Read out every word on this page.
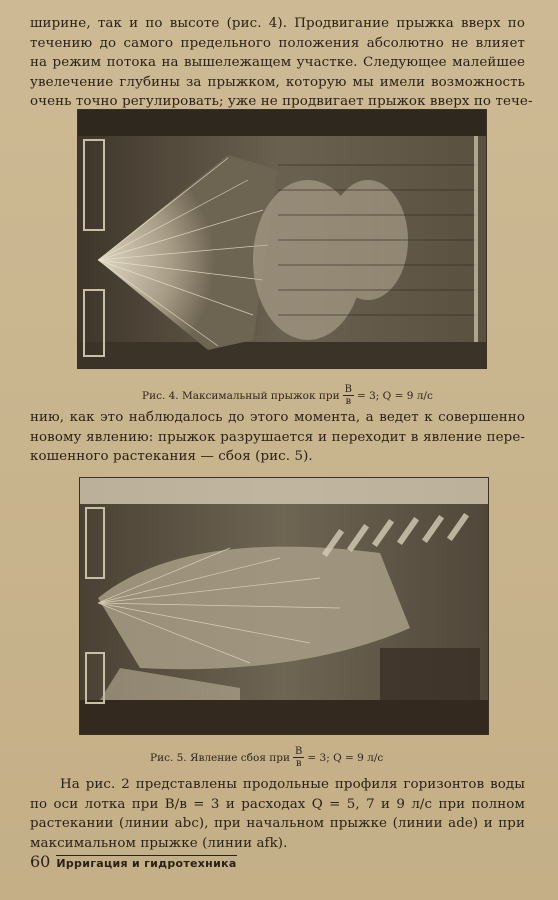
ширине, так и по высоте (рис. 4). Продвигание прыжка вверх по
течению до самого предельного положения абсолютно не влияет
на режим потока на вышележащем участке. Следующее малейшее
увелечение глубины за прыжком, которую мы имели возможность
очень точно регулировать; уже не продвигает прыжок вверх по тече-
Рис. 4. Максимальный прыжок при $\frac{B}{в} = 3$; Q = 9 л/с
нию, как это наблюдалось до этого момента, а ведет к совершенно
новому явлению: прыжок разрушается и переходит в явление пере-
кошенного растекания — сбоя (рис. 5).
Рис. 5. Явление сбоя при $\frac{B}{в} = 3$; Q = 9 л/с
На рис. 2 представлены продольные профиля горизонтов воды
по оси лотка при B/в = 3 и расходах Q = 5, 7 и 9 л/с при полном
растекании (линии abc), при начальном прыжке (линии ade) и при
максимальном прыжке (линии afk).
60 Ирригация и гидротехника
